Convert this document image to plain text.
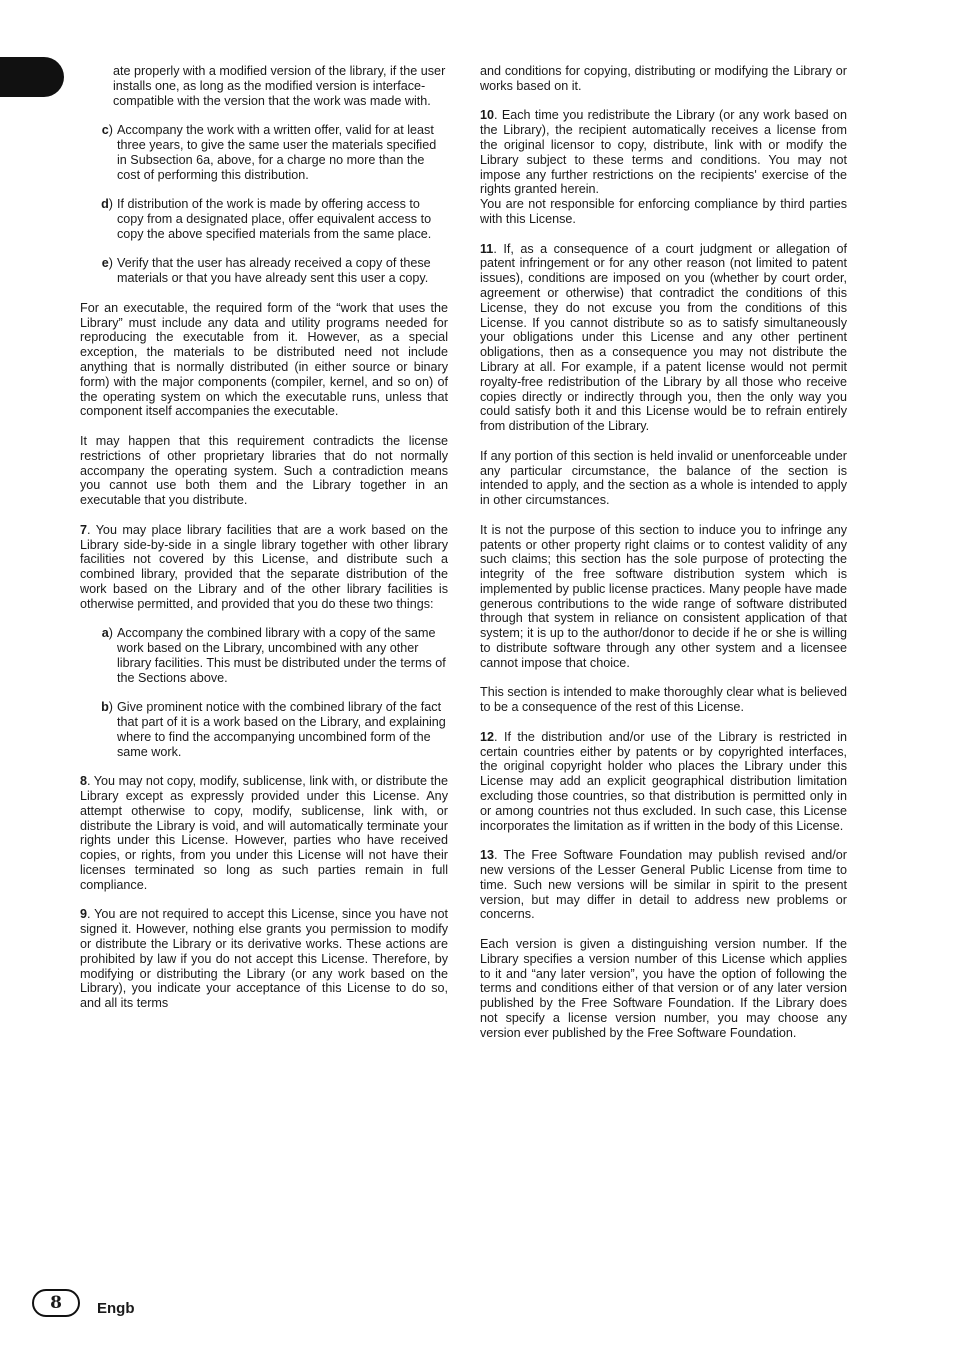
ate properly with a modified version of the library, if the user installs one, as long as the modified version is interface-compatible with the version that the work was made with.
c ) Accompany the work with a written offer, valid for at least three years, to give the same user the materials specified in Subsection 6a, above, for a charge no more than the cost of performing this distribution.
d ) If distribution of the work is made by offering access to copy from a designated place, offer equivalent access to copy the above specified materials from the same place.
e ) Verify that the user has already received a copy of these materials or that you have already sent this user a copy.

For an executable, the required form of the “work that uses the Library” must include any data and utility programs needed for reproducing the executable from it. However, as a special exception, the materials to be distributed need not include anything that is normally distributed (in either source or binary form) with the major components (compiler, kernel, and so on) of the operating system on which the executable runs, unless that component itself accompanies the executable.

It may happen that this requirement contradicts the license restrictions of other proprietary libraries that do not normally accompany the operating system. Such a contradiction means you cannot use both them and the Library together in an executable that you distribute.

7. You may place library facilities that are a work based on the Library side-by-side in a single library together with other library facilities not covered by this License, and distribute such a combined library, provided that the separate distribution of the work based on the Library and of the other library facilities is otherwise permitted, and provided that you do these two things:

a ) Accompany the combined library with a copy of the same work based on the Library, uncombined with any other library facilities. This must be distributed under the terms of the Sections above.
b ) Give prominent notice with the combined library of the fact that part of it is a work based on the Library, and explaining where to find the accompanying uncombined form of the same work.

8. You may not copy, modify, sublicense, link with, or distribute the Library except as expressly provided under this License. Any attempt otherwise to copy, modify, sublicense, link with, or distribute the Library is void, and will automatically terminate your rights under this License. However, parties who have received copies, or rights, from you under this License will not have their licenses terminated so long as such parties remain in full compliance.

9. You are not required to accept this License, since you have not signed it. However, nothing else grants you permission to modify or distribute the Library or its derivative works. These actions are prohibited by law if you do not accept this License. Therefore, by modifying or distributing the Library (or any work based on the Library), you indicate your acceptance of this License to do so, and all its terms

and conditions for copying, distributing or modifying the Library or works based on it.

10. Each time you redistribute the Library (or any work based on the Library), the recipient automatically receives a license from the original licensor to copy, distribute, link with or modify the Library subject to these terms and conditions. You may not impose any further restrictions on the recipients' exercise of the rights granted herein.

You are not responsible for enforcing compliance by third parties with this License.

11. If, as a consequence of a court judgment or allegation of patent infringement or for any other reason (not limited to patent issues), conditions are imposed on you (whether by court order, agreement or otherwise) that contradict the conditions of this License, they do not excuse you from the conditions of this License. If you cannot distribute so as to satisfy simultaneously your obligations under this License and any other pertinent obligations, then as a consequence you may not distribute the Library at all. For example, if a patent license would not permit royalty-free redistribution of the Library by all those who receive copies directly or indirectly through you, then the only way you could satisfy both it and this License would be to refrain entirely from distribution of the Library.

If any portion of this section is held invalid or unenforceable under any particular circumstance, the balance of the section is intended to apply, and the section as a whole is intended to apply in other circumstances.

It is not the purpose of this section to induce you to infringe any patents or other property right claims or to contest validity of any such claims; this section has the sole purpose of protecting the integrity of the free software distribution system which is implemented by public license practices. Many people have made generous contributions to the wide range of software distributed through that system in reliance on consistent application of that system; it is up to the author/donor to decide if he or she is willing to distribute software through any other system and a licensee cannot impose that choice.

This section is intended to make thoroughly clear what is believed to be a consequence of the rest of this License.

12. If the distribution and/or use of the Library is restricted in certain countries either by patents or by copyrighted interfaces, the original copyright holder who places the Library under this License may add an explicit geographical distribution limitation excluding those countries, so that distribution is permitted only in or among countries not thus excluded. In such case, this License incorporates the limitation as if written in the body of this License.

13. The Free Software Foundation may publish revised and/or new versions of the Lesser General Public License from time to time. Such new versions will be similar in spirit to the present version, but may differ in detail to address new problems or concerns.

Each version is given a distinguishing version number. If the Library specifies a version number of this License which applies to it and “any later version”, you have the option of following the terms and conditions either of that version or of any later version published by the Free Software Foundation. If the Library does not specify a license version number, you may choose any version ever published by the Free Software Foundation.

8	Engb
